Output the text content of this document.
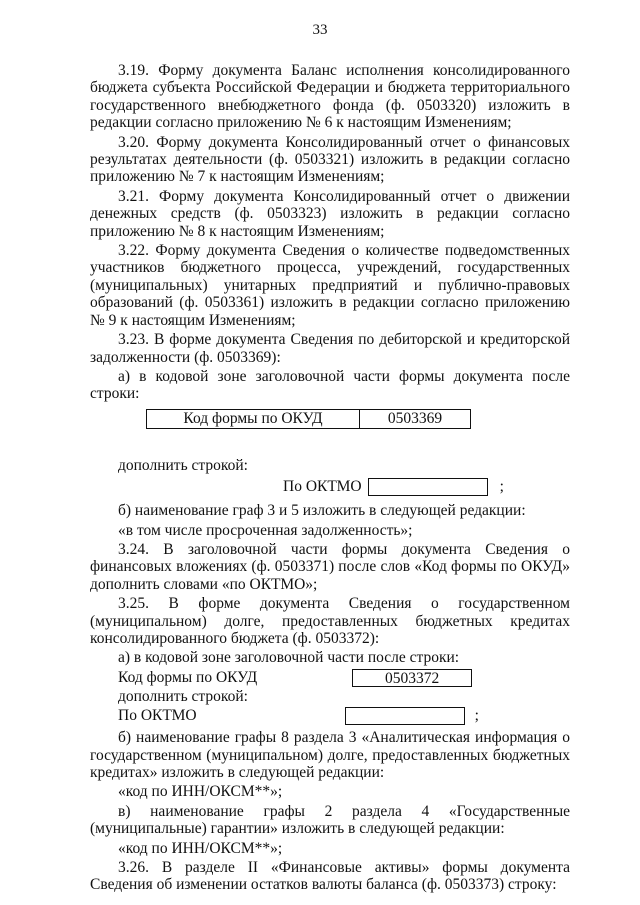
33

3.19. Форму документа Баланс исполнения консолидированного бюджета субъекта Российской Федерации и бюджета территориального государственного внебюджетного фонда (ф. 0503320) изложить в редакции согласно приложению № 6 к настоящим Изменениям;

3.20. Форму документа Консолидированный отчет о финансовых результатах деятельности (ф. 0503321) изложить в редакции согласно приложению № 7 к настоящим Изменениям;

3.21. Форму документа Консолидированный отчет о движении денежных средств (ф. 0503323) изложить в редакции согласно приложению № 8 к настоящим Изменениям;

3.22. Форму документа Сведения о количестве подведомственных участников бюджетного процесса, учреждений, государственных (муниципальных) унитарных предприятий и публично-правовых образований (ф. 0503361) изложить в редакции согласно приложению № 9 к настоящим Изменениям;

3.23. В форме документа Сведения по дебиторской и кредиторской задолженности (ф. 0503369):

а) в кодовой зоне заголовочной части формы документа после строки:

Код формы по ОКУД	0503369

дополнить строкой:

По ОКТМО	;

б) наименование граф 3 и 5 изложить в следующей редакции:

«в том числе просроченная задолженность»;

3.24. В заголовочной части формы документа Сведения о финансовых вложениях (ф. 0503371) после слов «Код формы по ОКУД» дополнить словами «по ОКТМО»;

3.25. В форме документа Сведения о государственном (муниципальном) долге, предоставленных бюджетных кредитах консолидированного бюджета (ф. 0503372):

а) в кодовой зоне заголовочной части после строки:

Код формы по ОКУД	0503372

дополнить строкой:

По ОКТМО	;

б) наименование графы 8 раздела 3 «Аналитическая информация о государственном (муниципальном) долге, предоставленных бюджетных кредитах» изложить в следующей редакции:

«код по ИНН/ОКСМ**»;

в) наименование графы 2 раздела 4 «Государственные (муниципальные) гарантии» изложить в следующей редакции:

«код по ИНН/ОКСМ**»;

3.26. В разделе II «Финансовые активы» формы документа Сведения об изменении остатков валюты баланса (ф. 0503373) строку:
